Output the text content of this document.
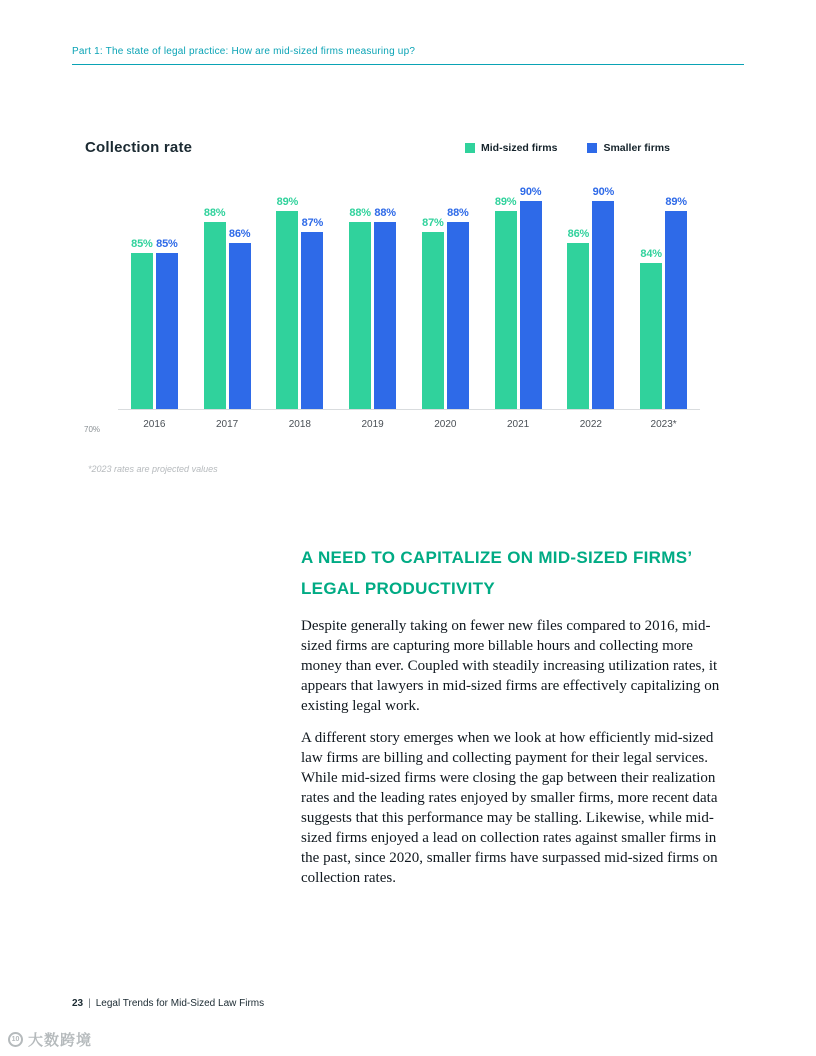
Part 1: The state of legal practice: How are mid-sized firms measuring up?
Collection rate	Mid-sized firms	Smaller firms
70%
85% 85%
88%
86%
89%
87%
88% 88%
87%
88%
89%
90%
86%
90%
84%
89%
2016	2017	2018	2019	2020	2021	2022	2023*
*2023 rates are projected values
A NEED TO CAPITALIZE ON MID-SIZED FIRMS’
LEGAL PRODUCTIVITY

Despite generally taking on fewer new files compared to 2016, mid-sized firms are capturing more billable hours and collecting more money than ever. Coupled with steadily increasing utilization rates, it appears that lawyers in mid-sized firms are effectively capitalizing on existing legal work.

A different story emerges when we look at how efficiently mid-sized law firms are billing and collecting payment for their legal services. While mid-sized firms were closing the gap between their realization rates and the leading rates enjoyed by smaller firms, more recent data suggests that this performance may be stalling. Likewise, while mid-sized firms enjoyed a lead on collection rates against smaller firms in the past, since 2020, smaller firms have surpassed mid-sized firms on collection rates.

23 | Legal Trends for Mid-Sized Law Firms
10 大数跨境
